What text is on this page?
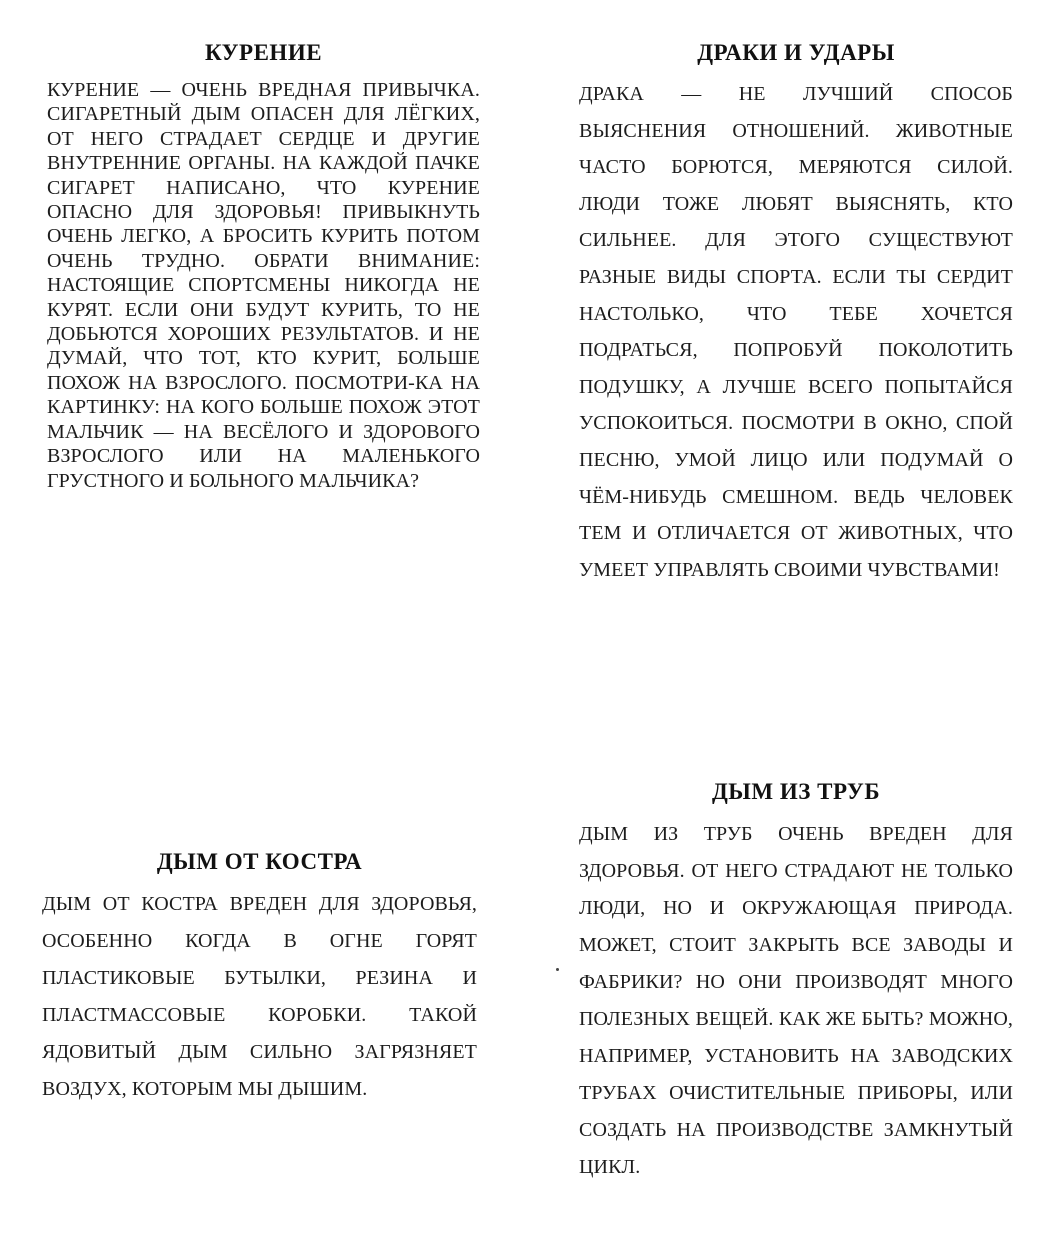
КУРЕНИЕ

КУРЕНИЕ — ОЧЕНЬ ВРЕДНАЯ ПРИВЫЧКА. СИГАРЕТНЫЙ ДЫМ ОПАСЕН ДЛЯ ЛЁГКИХ, ОТ НЕГО СТРАДАЕТ СЕРДЦЕ И ДРУГИЕ ВНУТРЕННИЕ ОРГАНЫ. НА КАЖДОЙ ПАЧКЕ СИГАРЕТ НАПИСАНО, ЧТО КУРЕНИЕ ОПАСНО ДЛЯ ЗДОРОВЬЯ! ПРИВЫКНУТЬ ОЧЕНЬ ЛЕГКО, А БРОСИТЬ КУРИТЬ ПОТОМ ОЧЕНЬ ТРУДНО. ОБРАТИ ВНИМАНИЕ: НАСТОЯЩИЕ СПОРТСМЕНЫ НИКОГДА НЕ КУРЯТ. ЕСЛИ ОНИ БУДУТ КУРИТЬ, ТО НЕ ДОБЬЮТСЯ ХОРОШИХ РЕЗУЛЬТАТОВ. И НЕ ДУМАЙ, ЧТО ТОТ, КТО КУРИТ, БОЛЬШЕ ПОХОЖ НА ВЗРОСЛОГО. ПОСМОТРИ-КА НА КАРТИНКУ: НА КОГО БОЛЬШЕ ПОХОЖ ЭТОТ МАЛЬЧИК — НА ВЕСЁЛОГО И ЗДОРОВОГО ВЗРОСЛОГО ИЛИ НА МАЛЕНЬКОГО ГРУСТНОГО И БОЛЬНОГО МАЛЬЧИКА?

ДРАКИ И УДАРЫ

ДРАКА — НЕ ЛУЧШИЙ СПОСОБ ВЫЯСНЕНИЯ ОТНОШЕНИЙ. ЖИВОТНЫЕ ЧАСТО БОРЮТСЯ, МЕРЯЮТСЯ СИЛОЙ. ЛЮДИ ТОЖЕ ЛЮБЯТ ВЫЯСНЯТЬ, КТО СИЛЬНЕЕ. ДЛЯ ЭТОГО СУЩЕСТВУЮТ РАЗНЫЕ ВИДЫ СПОРТА. ЕСЛИ ТЫ СЕРДИТ НАСТОЛЬКО, ЧТО ТЕБЕ ХОЧЕТСЯ ПОДРАТЬСЯ, ПОПРОБУЙ ПОКОЛОТИТЬ ПОДУШКУ, А ЛУЧШЕ ВСЕГО ПОПЫТАЙСЯ УСПОКОИТЬСЯ. ПОСМОТРИ В ОКНО, СПОЙ ПЕСНЮ, УМОЙ ЛИЦО ИЛИ ПОДУМАЙ О ЧЁМ-НИБУДЬ СМЕШНОМ. ВЕДЬ ЧЕЛОВЕК ТЕМ И ОТЛИЧАЕТСЯ ОТ ЖИВОТНЫХ, ЧТО УМЕЕТ УПРАВЛЯТЬ СВОИМИ ЧУВСТВАМИ!

ДЫМ ОТ КОСТРА

ДЫМ ОТ КОСТРА ВРЕДЕН ДЛЯ ЗДОРОВЬЯ, ОСОБЕННО КОГДА В ОГНЕ ГОРЯТ ПЛАСТИКОВЫЕ БУТЫЛКИ, РЕЗИНА И ПЛАСТМАССОВЫЕ КОРОБКИ. ТАКОЙ ЯДОВИТЫЙ ДЫМ СИЛЬНО ЗАГРЯЗНЯЕТ ВОЗДУХ, КОТОРЫМ МЫ ДЫШИМ.

ДЫМ ИЗ ТРУБ

ДЫМ ИЗ ТРУБ ОЧЕНЬ ВРЕДЕН ДЛЯ ЗДОРОВЬЯ. ОТ НЕГО СТРАДАЮТ НЕ ТОЛЬКО ЛЮДИ, НО И ОКРУЖАЮЩАЯ ПРИРОДА. МОЖЕТ, СТОИТ ЗАКРЫТЬ ВСЕ ЗАВОДЫ И ФАБРИКИ? НО ОНИ ПРОИЗВОДЯТ МНОГО ПОЛЕЗНЫХ ВЕЩЕЙ. КАК ЖЕ БЫТЬ? МОЖНО, НАПРИМЕР, УСТАНОВИТЬ НА ЗАВОДСКИХ ТРУБАХ ОЧИСТИТЕЛЬНЫЕ ПРИБОРЫ, ИЛИ СОЗДАТЬ НА ПРОИЗВОДСТВЕ ЗАМКНУТЫЙ ЦИКЛ.
